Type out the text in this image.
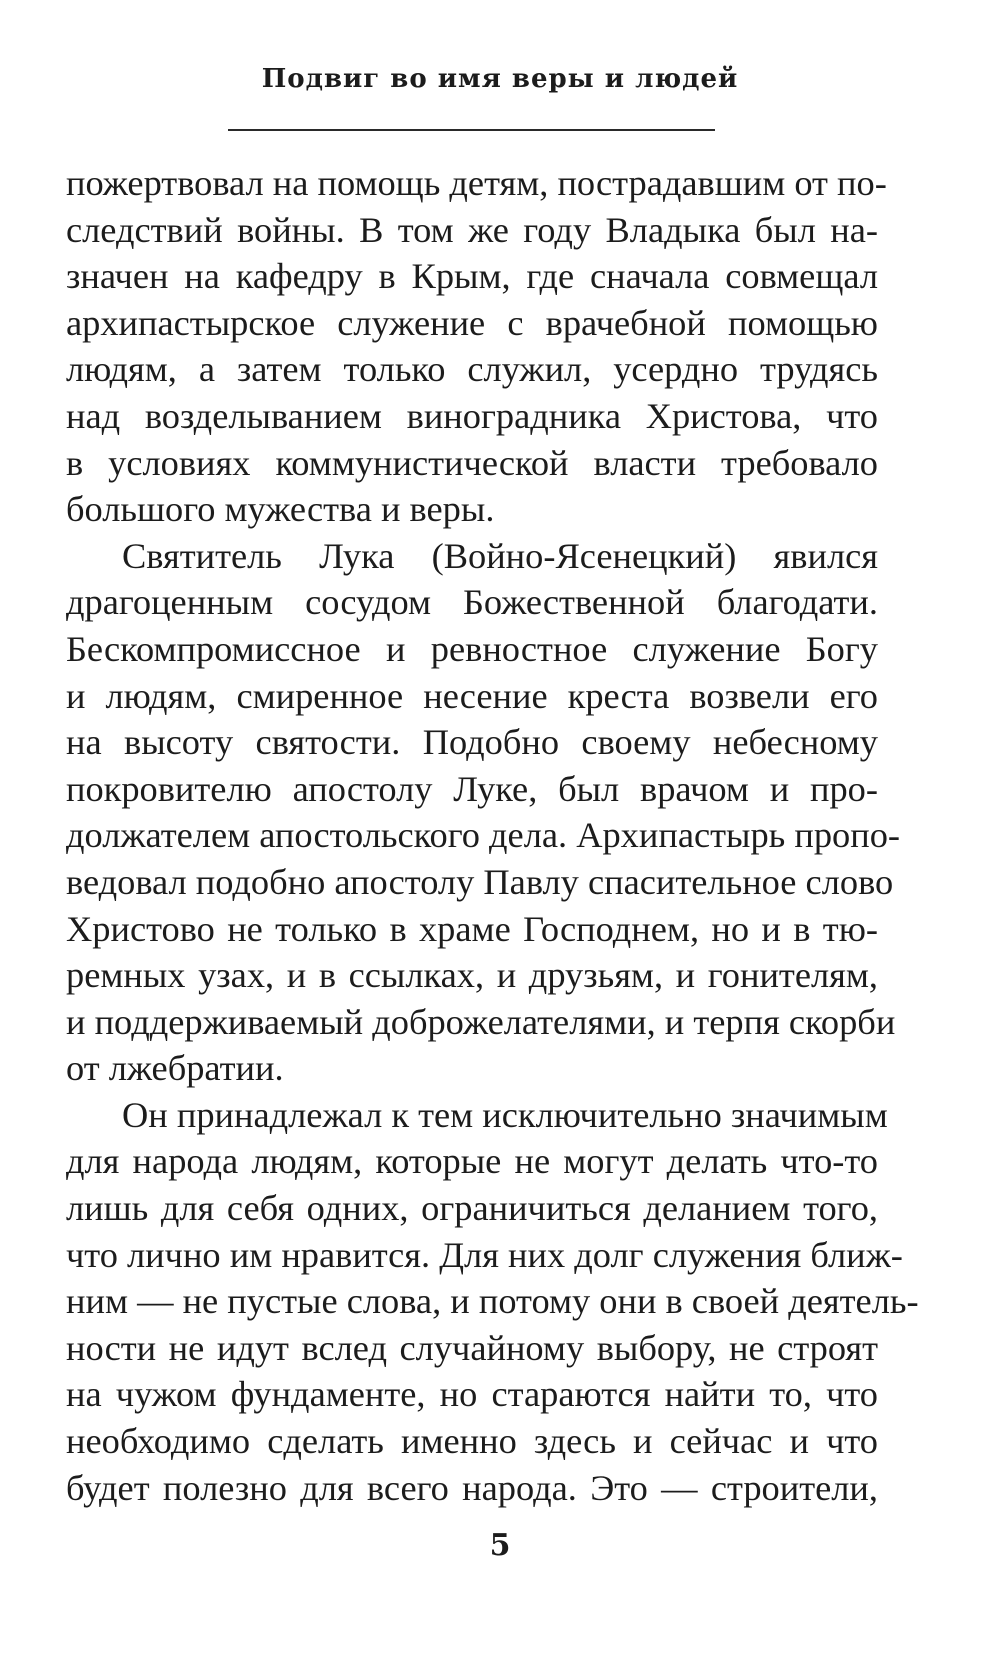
Подвиг во имя веры и людей
пожертвовал на помощь детям, пострадавшим от по-
следствий войны. В том же году Владыка был на-
значен на кафедру в Крым, где сначала совмещал
архипастырское служение с врачебной помощью
людям, а затем только служил, усердно трудясь
над возделыванием виноградника Христова, что
в условиях коммунистической власти требовало
большого мужества и веры.
Святитель Лука (Войно-Ясенецкий) явился
драгоценным сосудом Божественной благодати.
Бескомпромиссное и ревностное служение Богу
и людям, смиренное несение креста возвели его
на высоту святости. Подобно своему небесному
покровителю апостолу Луке, был врачом и про-
должателем апостольского дела. Архипастырь пропо-
ведовал подобно апостолу Павлу спасительное слово
Христово не только в храме Господнем, но и в тю-
ремных узах, и в ссылках, и друзьям, и гонителям,
и поддерживаемый доброжелателями, и терпя скорби
от лжебратии.
Он принадлежал к тем исключительно значимым
для народа людям, которые не могут делать что-то
лишь для себя одних, ограничиться деланием того,
что лично им нравится. Для них долг служения ближ-
ним — не пустые слова, и потому они в своей деятель-
ности не идут вслед случайному выбору, не строят
на чужом фундаменте, но стараются найти то, что
необходимо сделать именно здесь и сейчас и что
будет полезно для всего народа. Это — строители,
5
